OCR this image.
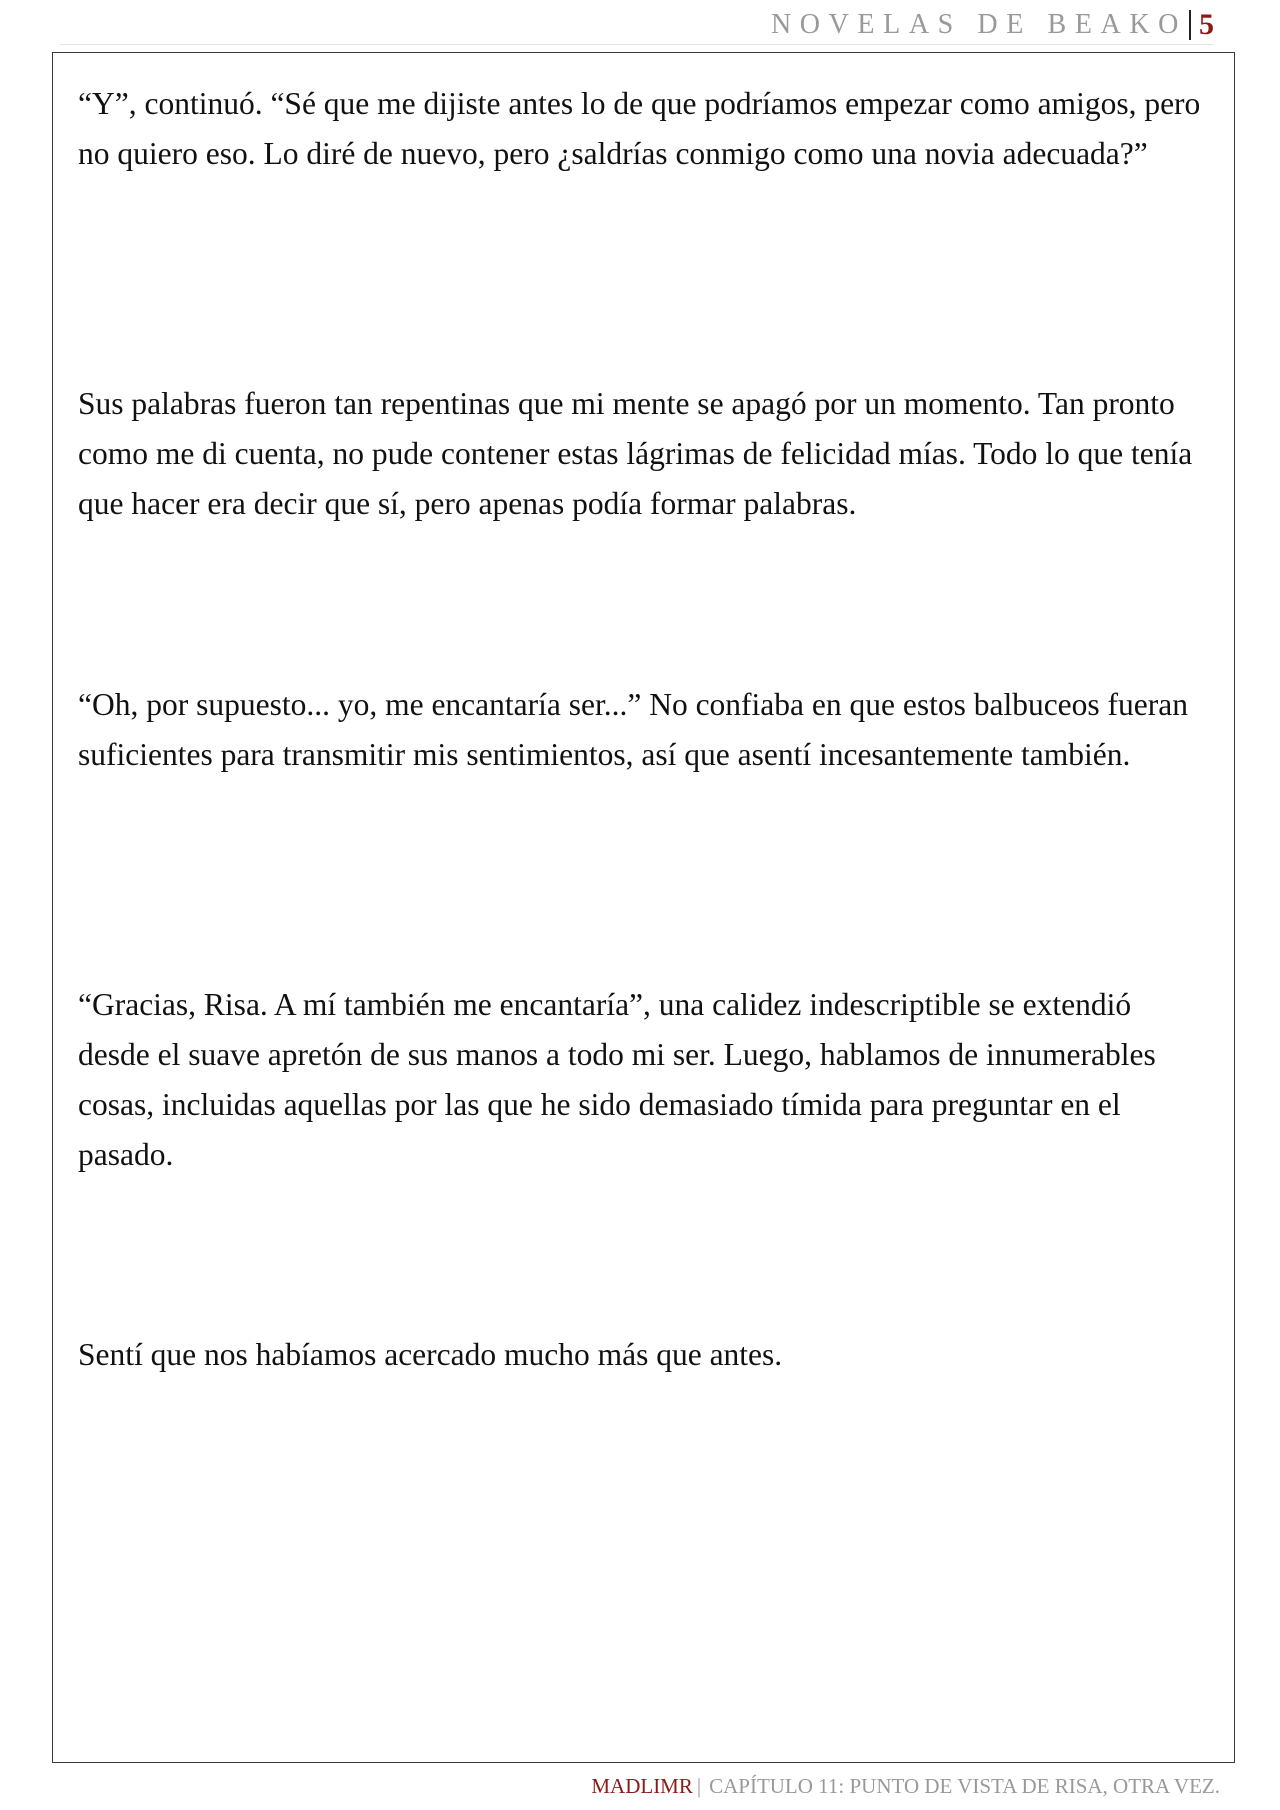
NOVELAS DE BEAKO 5

“Y”, continuó. “Sé que me dijiste antes lo de que podríamos empezar como amigos, pero no quiero eso. Lo diré de nuevo, pero ¿saldrías conmigo como una novia adecuada?”

Sus palabras fueron tan repentinas que mi mente se apagó por un momento. Tan pronto como me di cuenta, no pude contener estas lágrimas de felicidad mías. Todo lo que tenía que hacer era decir que sí, pero apenas podía formar palabras.

“Oh, por supuesto... yo, me encantaría ser...” No confiaba en que estos balbuceos fueran suficientes para transmitir mis sentimientos, así que asentí incesantemente también.

“Gracias, Risa. A mí también me encantaría”, una calidez indescriptible se extendió desde el suave apretón de sus manos a todo mi ser. Luego, hablamos de innumerables cosas, incluidas aquellas por las que he sido demasiado tímida para preguntar en el pasado.

Sentí que nos habíamos acercado mucho más que antes.

MADLIMR | CAPÍTULO 11: PUNTO DE VISTA DE RISA, OTRA VEZ.
